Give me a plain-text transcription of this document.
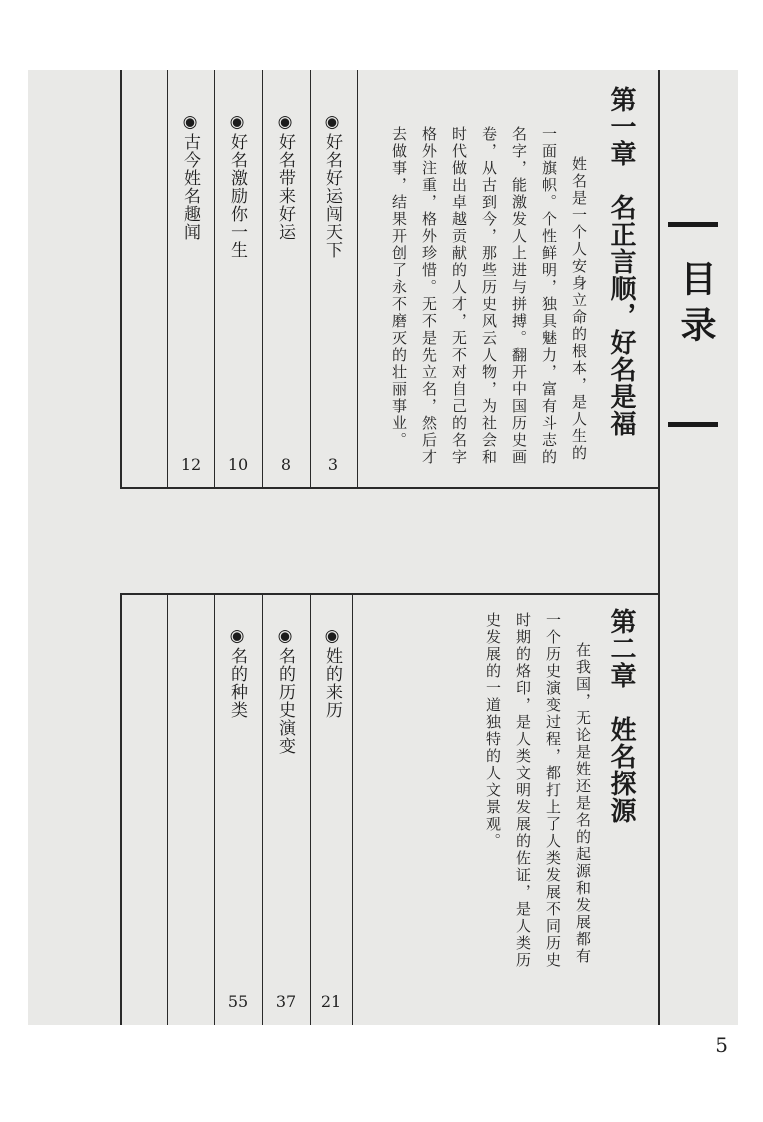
目录
第一章　名正言顺，好名是福
姓名是一个人安身立命的根本，是人生的
一面旗帜。个性鲜明，独具魅力，富有斗志的
名字，能激发人上进与拼搏。翻开中国历史画
卷，从古到今，那些历史风云人物，为社会和
时代做出卓越贡献的人才，无不对自己的名字
格外注重，格外珍惜。无不是先立名，然后才
去做事，结果开创了永不磨灭的壮丽事业。
◉好名好运闯天下
3
◉好名带来好运
8
◉好名激励你一生
10
◉古今姓名趣闻
12
第二章　姓名探源
在我国，无论是姓还是名的起源和发展都有
一个历史演变过程，都打上了人类发展不同历史
时期的烙印，是人类文明发展的佐证，是人类历
史发展的一道独特的人文景观。
◉姓的来历
21
◉名的历史演变
37
◉名的种类
55
5
